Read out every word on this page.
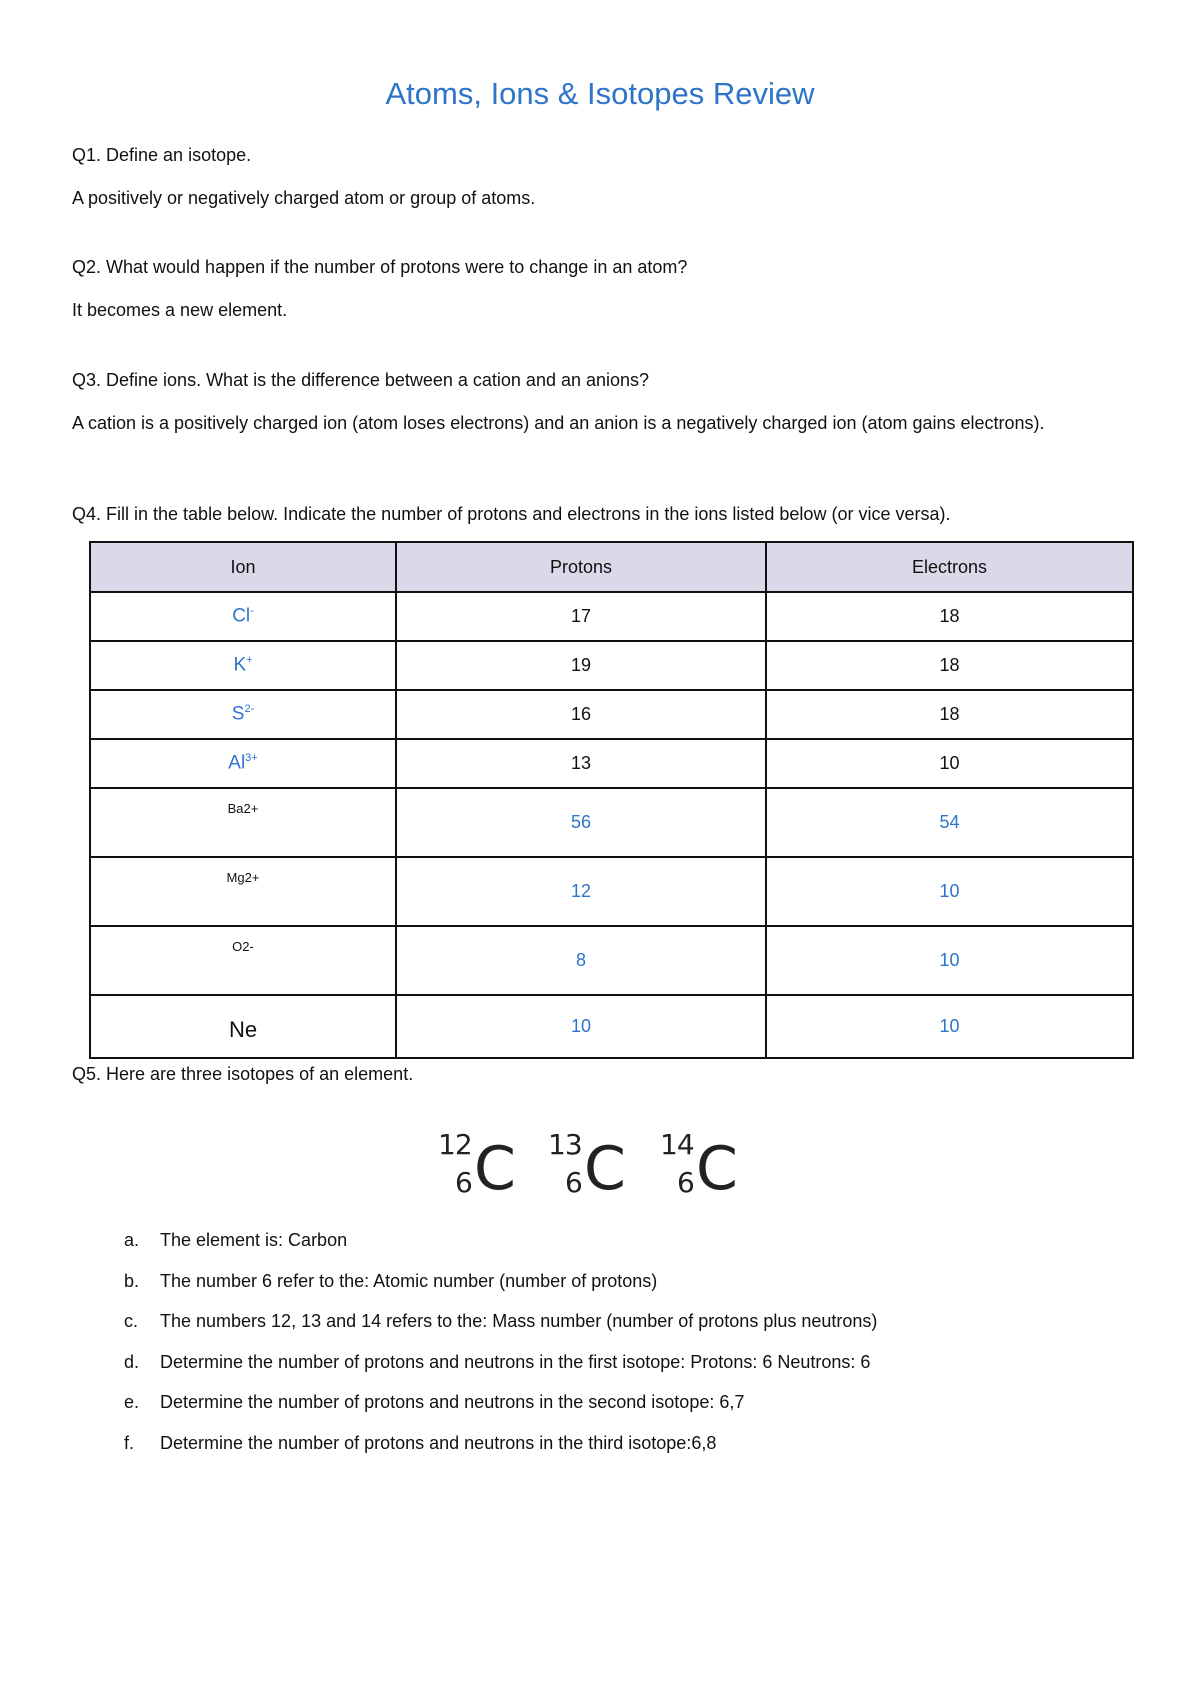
Atoms, Ions & Isotopes Review
Q1. Define an isotope.
A positively or negatively charged atom or group of atoms.
Q2. What would happen if the number of protons were to change in an atom?
It becomes a new element.
Q3. Define ions. What is the difference between a cation and an anions?
A cation is a positively charged ion (atom loses electrons) and an anion is a negatively charged ion (atom gains electrons).
Q4. Fill in the table below. Indicate the number of protons and electrons in the ions listed below (or vice versa).
Ion	Protons	Electrons
Cl-	17	18
K+	19	18
$S^{2-}$	16	18
$Al^{3+}$	13	10
Ba2+	56	54
Mg2+	12	10
O2-	8	10
Ne	10	10
Q5. Here are three isotopes of an element.
12
6 C 13
6 C 14
6 C
a. The element is: Carbon
b. The number 6 refer to the: Atomic number (number of protons)
c. The numbers 12, 13 and 14 refers to the: Mass number (number of protons plus neutrons)
d. Determine the number of protons and neutrons in the first isotope: Protons: 6 Neutrons: 6
e. Determine the number of protons and neutrons in the second isotope: 6,7
f. Determine the number of protons and neutrons in the third isotope:6,8
